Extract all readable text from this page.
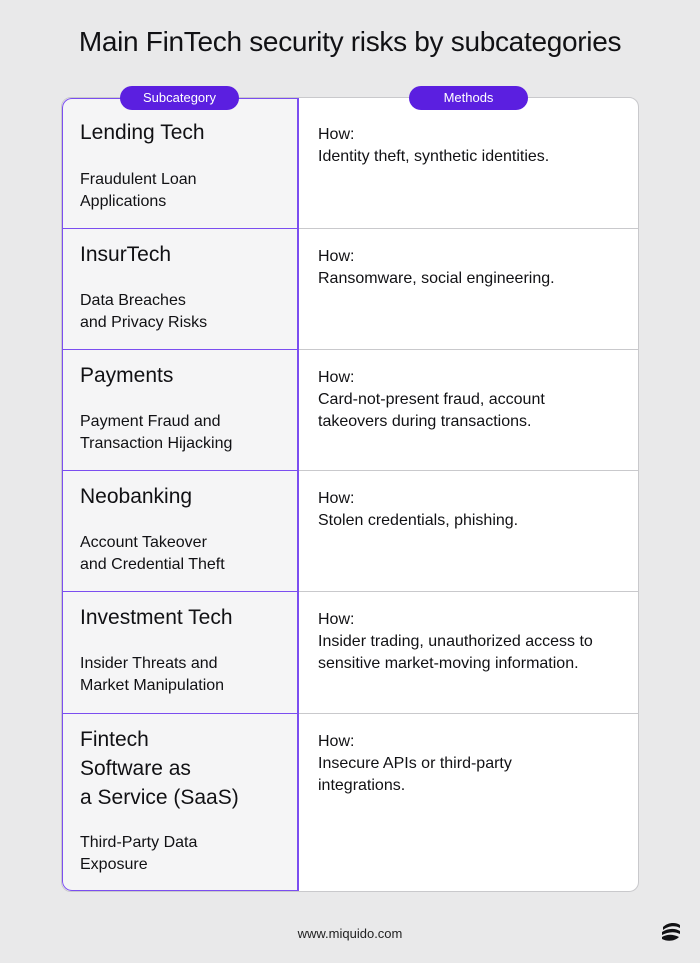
Main FinTech security risks by subcategories
Lending Tech
Fraudulent Loan
Applications
How:
Identity theft, synthetic identities.
InsurTech
Data Breaches
and Privacy Risks
How:
Ransomware, social engineering.
Payments
Payment Fraud and
Transaction Hijacking
How:
Card-not-present fraud, account
takeovers during transactions.
Neobanking
Account Takeover
and Credential Theft
How:
Stolen credentials, phishing.
Investment Tech
Insider Threats and
Market Manipulation
How:
Insider trading, unauthorized access to
sensitive market-moving information.
Fintech
Software as
a Service (SaaS)
Third-Party Data
Exposure
How:
Insecure APIs or third-party
integrations.
Subcategory	Methods
www.miquido.com
